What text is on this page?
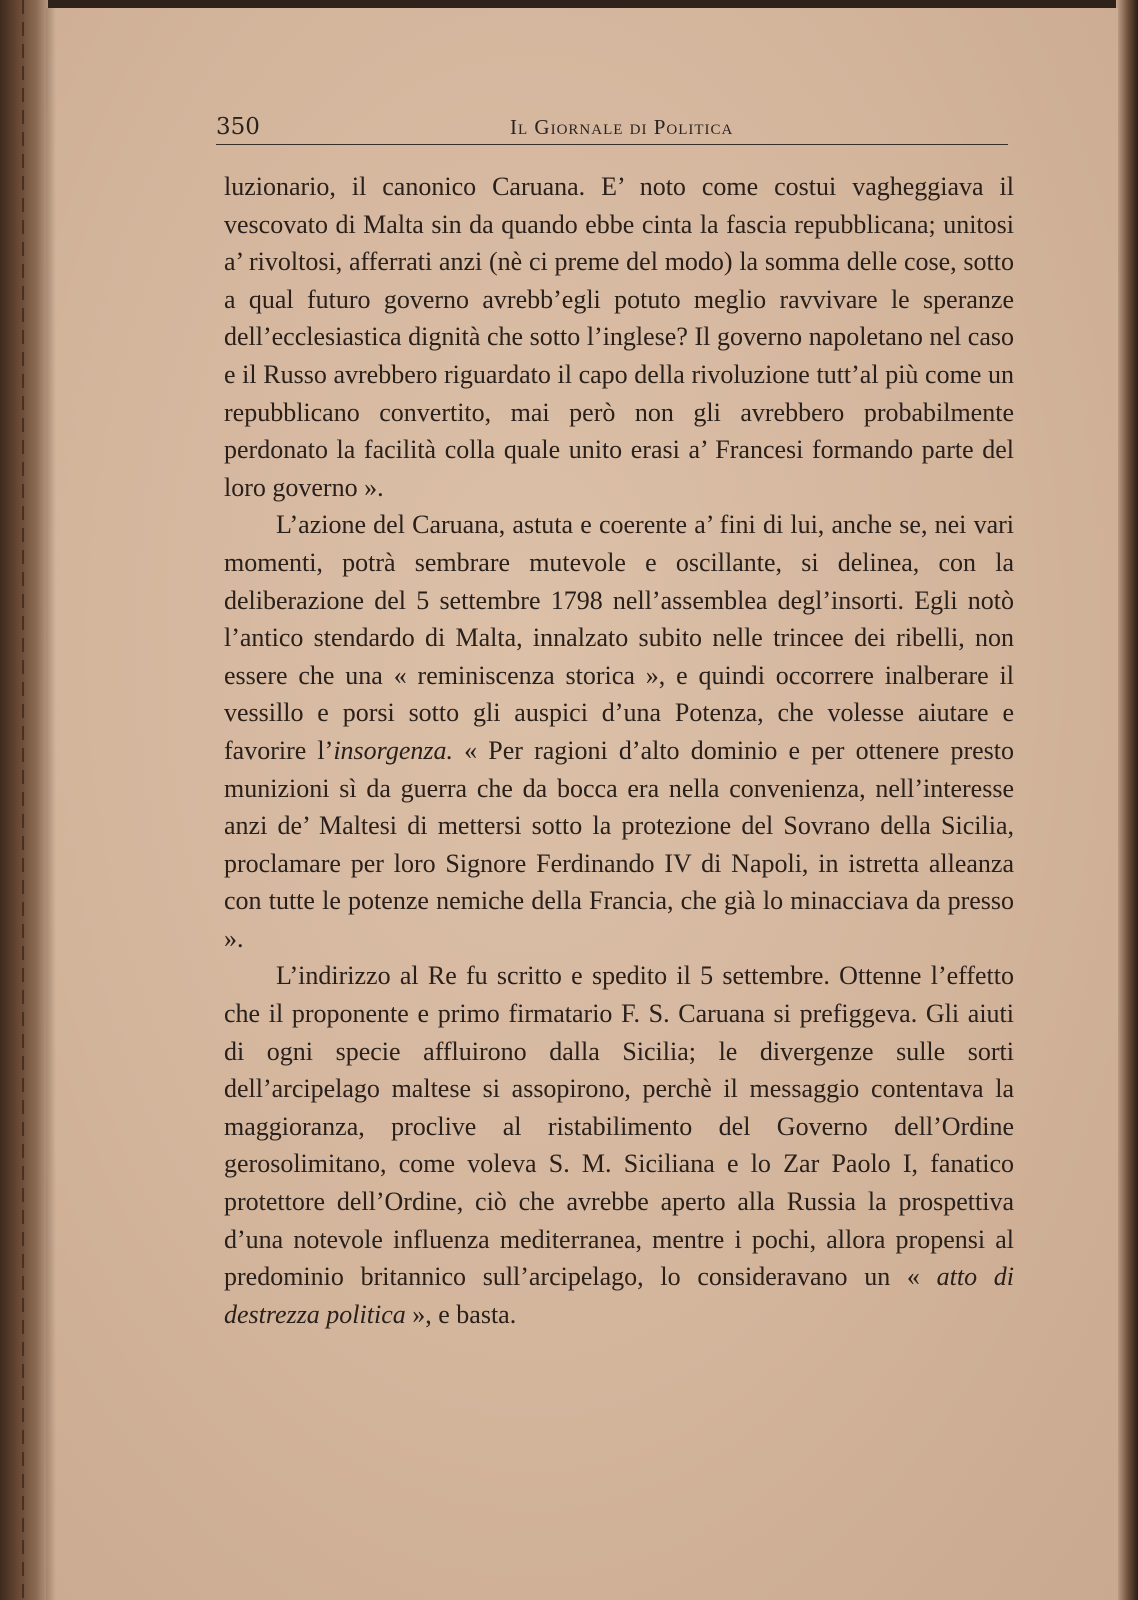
350	Il Giornale di Politica

luzionario, il canonico Caruana. E’ noto come costui vagheggiava il vescovato di Malta sin da quando ebbe cinta la fascia repubblicana; unitosi a’ rivoltosi, afferrati anzi (nè ci preme del modo) la somma delle cose, sotto a qual futuro governo avrebb’egli potuto meglio ravvivare le speranze dell’ecclesiastica dignità che sotto l’inglese? Il governo napoletano nel caso e il Russo avrebbero riguardato il capo della rivoluzione tutt’al più come un repubblicano convertito, mai però non gli avrebbero probabilmente perdonato la facilità colla quale unito erasi a’ Francesi formando parte del loro governo ».

L’azione del Caruana, astuta e coerente a’ fini di lui, anche se, nei vari momenti, potrà sembrare mutevole e oscillante, si delinea, con la deliberazione del 5 settembre 1798 nell’assemblea degl’insorti. Egli notò l’antico stendardo di Malta, innalzato subito nelle trincee dei ribelli, non essere che una « reminiscenza storica », e quindi occorrere inalberare il vessillo e porsi sotto gli auspici d’una Potenza, che volesse aiutare e favorire l’insorgenza. « Per ragioni d’alto dominio e per ottenere presto munizioni sì da guerra che da bocca era nella convenienza, nell’interesse anzi de’ Maltesi di mettersi sotto la protezione del Sovrano della Sicilia, proclamare per loro Signore Ferdinando IV di Napoli, in istretta alleanza con tutte le potenze nemiche della Francia, che già lo minacciava da presso ».

L’indirizzo al Re fu scritto e spedito il 5 settembre. Ottenne l’effetto che il proponente e primo firmatario F. S. Caruana si prefiggeva. Gli aiuti di ogni specie affluirono dalla Sicilia; le divergenze sulle sorti dell’arcipelago maltese si assopirono, perchè il messaggio contentava la maggioranza, proclive al ristabilimento del Governo dell’Ordine gerosolimitano, come voleva S. M. Siciliana e lo Zar Paolo I, fanatico protettore dell’Ordine, ciò che avrebbe aperto alla Russia la prospettiva d’una notevole influenza mediterranea, mentre i pochi, allora propensi al predominio britannico sull’arcipelago, lo consideravano un « atto di destrezza politica », e basta.
